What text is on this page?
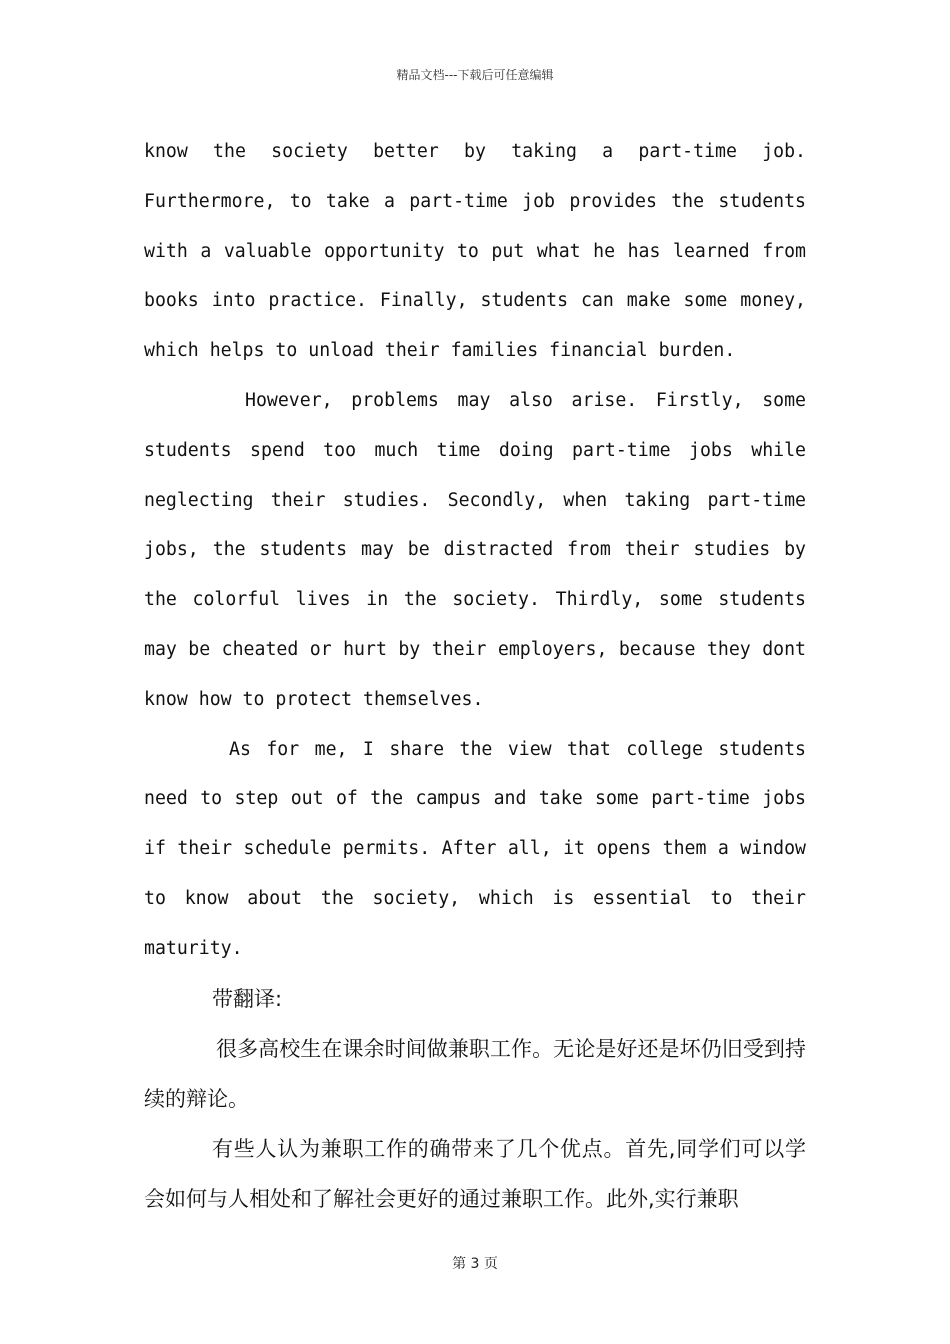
精品文档---下载后可任意编辑

know the society better by taking a part-time job. Furthermore, to take a part-time job provides the students with a valuable opportunity to put what he has learned from books into practice. Finally, students can make some money, which helps to unload their families financial burden.

However, problems may also arise. Firstly, some students spend too much time doing part-time jobs while neglecting their studies. Secondly, when taking part-time jobs, the students may be distracted from their studies by the colorful lives in the society. Thirdly, some students may be cheated or hurt by their employers, because they dont know how to protect themselves.

As for me, I share the view that college students need to step out of the campus and take some part-time jobs if their schedule permits. After all, it opens them a window to know about the society, which is essential to their maturity.

带翻译:

很多高校生在课余时间做兼职工作。无论是好还是坏仍旧受到持续的辩论。

有些人认为兼职工作的确带来了几个优点。首先,同学们可以学会如何与人相处和了解社会更好的通过兼职工作。此外,实行兼职

第 3 页
